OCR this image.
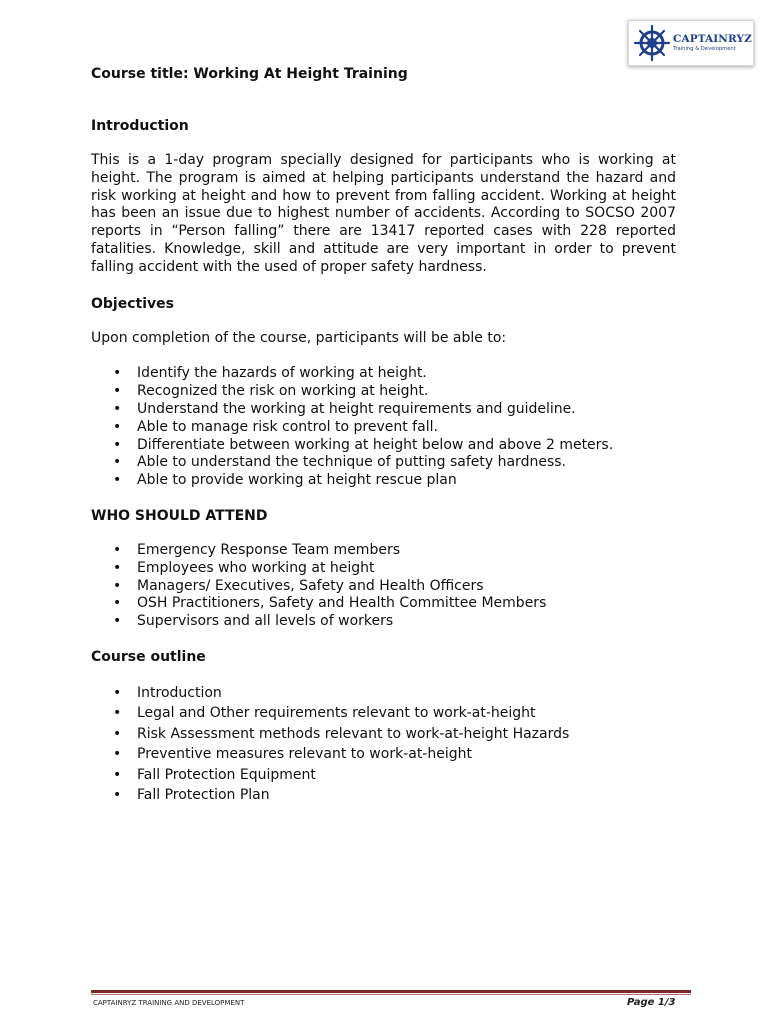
CAPTAINRYZ
Training & Development
Course title: Working At Height Training
Introduction

This is a 1-day program specially designed for participants who is working at height. The program is aimed at helping participants understand the hazard and risk working at height and how to prevent from falling accident. Working at height has been an issue due to highest number of accidents. According to SOCSO 2007 reports in “Person falling” there are 13417 reported cases with 228 reported fatalities. Knowledge, skill and attitude are very important in order to prevent falling accident with the used of proper safety hardness.

Objectives

Upon completion of the course, participants will be able to:

• Identify the hazards of working at height.
• Recognized the risk on working at height.
• Understand the working at height requirements and guideline.
• Able to manage risk control to prevent fall.
• Differentiate between working at height below and above 2 meters.
• Able to understand the technique of putting safety hardness.
• Able to provide working at height rescue plan
WHO SHOULD ATTEND
• Emergency Response Team members
• Employees who working at height
• Managers/ Executives, Safety and Health Officers
• OSH Practitioners, Safety and Health Committee Members
• Supervisors and all levels of workers
Course outline
• Introduction
• Legal and Other requirements relevant to work-at-height
• Risk Assessment methods relevant to work-at-height Hazards
• Preventive measures relevant to work-at-height
• Fall Protection Equipment
• Fall Protection Plan
CAPTAINRYZ TRAINING AND DEVELOPMENT	Page 1/3
